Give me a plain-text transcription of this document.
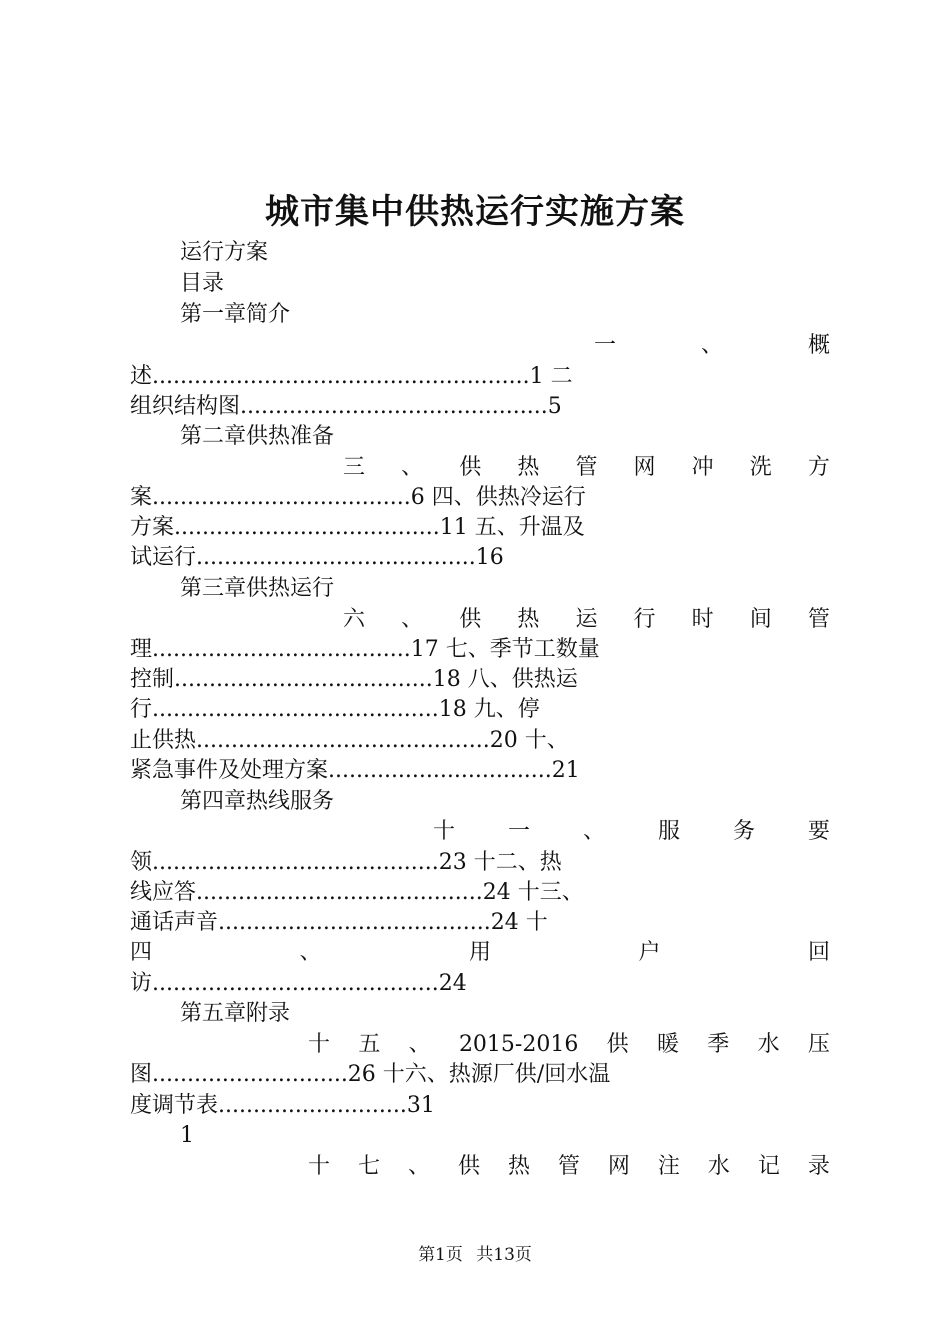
城市集中供热运行实施方案
运行方案
目录
第一章简介
一	、	概
述......................................................1 二
组织结构图............................................5
第二章供热准备
三 、 供 热 管 网 冲 洗 方
案.....................................6 四、供热冷运行
方案......................................11 五、升温及
试运行........................................16
第三章供热运行
六 、 供 热 运 行 时 间 管
理.....................................17 七、季节工数量
控制.....................................18 八、供热运
行.........................................18 九、停
止供热..........................................20 十、
紧急事件及处理方案................................21
第四章热线服务
十 一 、 服 务 要
领.........................................23 十二、热
线应答.........................................24 十三、
通话声音.......................................24 十
四	、	用	户	回
访.........................................24
第五章附录
十 五 、 2015-2016 供 暖 季 水 压
图............................26 十六、热源厂供/回水温
度调节表...........................31
1
十 七 、 供 热 管 网 注 水 记 录
第1页 共13页
